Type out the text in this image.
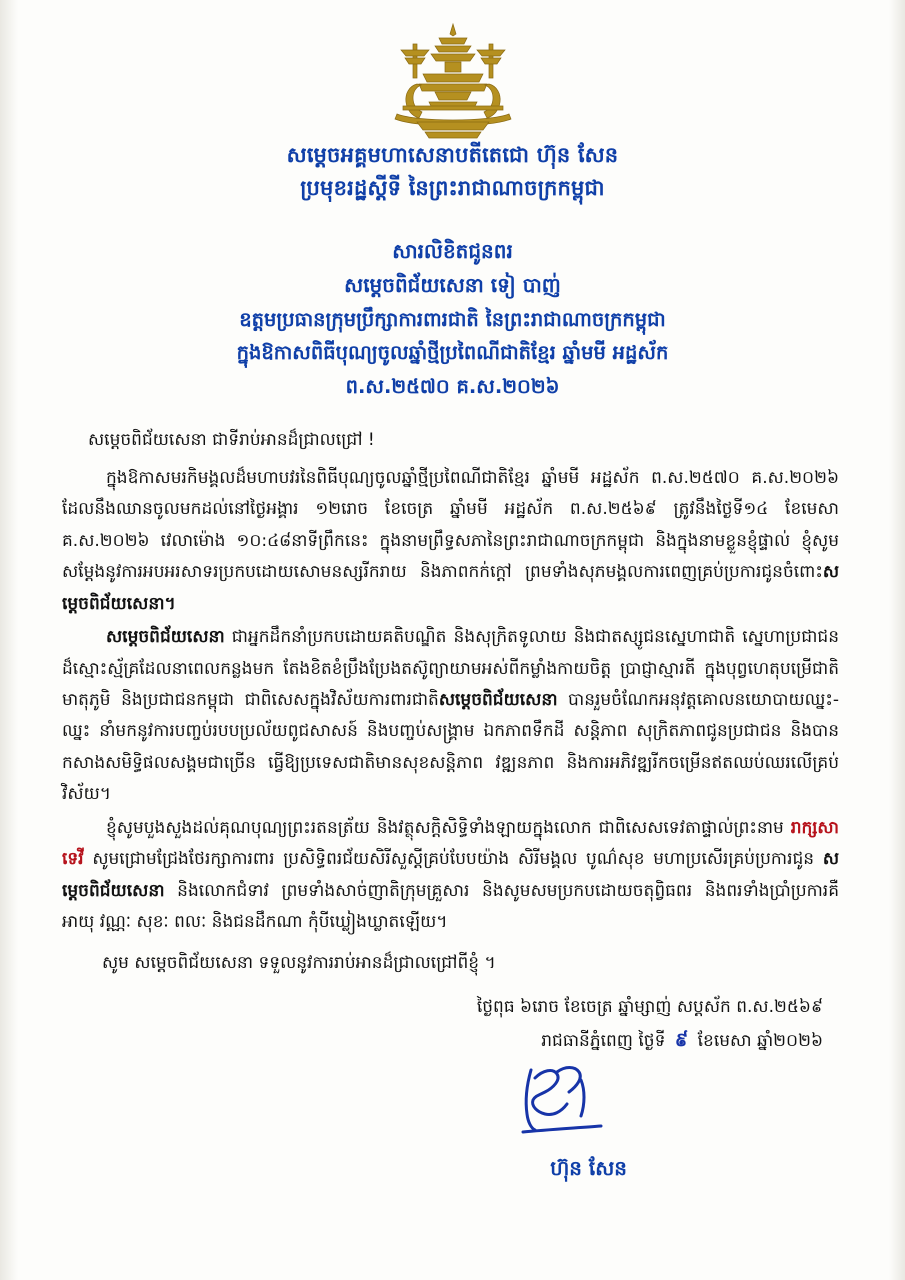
សម្តេចអគ្គមហាសេនាបតីតេជោ ហ៊ុន សែន
ប្រមុខរដ្ឋស្តីទី នៃព្រះរាជាណាចក្រកម្ពុជា
សារលិខិតជូនពរ
សម្តេចពិជ័យសេនា ទៀ បាញ់
ឧត្តមប្រធានក្រុមប្រឹក្សាការពារជាតិ នៃព្រះរាជាណាចក្រកម្ពុជា
ក្នុងឱកាសពិធីបុណ្យចូលឆ្នាំថ្មីប្រពៃណីជាតិខ្មែរ ឆ្នាំមមី អដ្ឋស័ក
ព.ស.២៥៧០ គ.ស.២០២៦

សម្តេចពិជ័យសេនា ជាទីរាប់អានដ៏ជ្រាលជ្រៅ !

ក្នុងឱកាសមរកិមង្គលដ៏មហាបវរនៃពិធីបុណ្យចូលឆ្នាំថ្មីប្រពៃណីជាតិខ្មែរ ឆ្នាំមមី អដ្ឋស័ក ព.ស.២៥៧០ គ.ស.២០២៦ ដែលនឹងឈានចូលមកដល់នៅថ្ងៃអង្គារ ១២រោច ខែចេត្រ ឆ្នាំមមី អដ្ឋស័ក ព.ស.២៥៦៩ ត្រូវនឹងថ្ងៃទី១៤ ខែមេសា គ.ស.២០២៦ វេលាម៉ោង ១០:៤៨នាទីព្រឹកនេះ ក្នុងនាមព្រឹទ្ធសភានៃព្រះរាជាណាចក្រកម្ពុជា និងក្នុងនាមខ្លួនខ្ញុំផ្ទាល់ ខ្ញុំសូមសម្តែងនូវការអបអរសាទរប្រកបដោយសោមនស្សរីករាយ និងភាពកក់ក្តៅ ព្រមទាំងសុភមង្គលការពេញគ្រប់ប្រការជូនចំពោះសម្តេចពិជ័យសេនា។

សម្តេចពិជ័យសេនា ជាអ្នកដឹកនាំប្រកបដោយគតិបណ្ឌិត និងសុក្រិតទូលាយ និងជាតស្សូជនស្នេហាជាតិ ស្នេហាប្រជាជនដ៏ស្មោះស្ម័គ្រដែលនាពេលកន្លងមក តែងខិតខំប្រឹងប្រែងតស៊ូព្យាយាមអស់ពីកម្លាំងកាយចិត្ត ប្រាជ្ញាស្មារតី ក្នុងបុព្វហេតុបម្រើជាតិមាតុភូមិ និងប្រជាជនកម្ពុជា ជាពិសេសក្នុងវិស័យការពារជាតិសម្តេចពិជ័យសេនា បានរួមចំណែកអនុវត្តគោលនយោបាយឈ្នះ-ឈ្នះ នាំមកនូវការបញ្ចប់របបប្រល័យពូជសាសន៍ និងបញ្ចប់សង្គ្រាម ឯកភាពទឹកដី សន្តិភាព សុក្រិតភាពជូនប្រជាជន និងបានកសាងសមិទ្ធិផលសង្គមជាច្រើន ធ្វើឱ្យប្រទេសជាតិមានសុខសន្តិភាព វឌ្ឍនភាព និងការអភិវឌ្ឍរីកចម្រើនឥតឈប់ឈរលើគ្រប់វិស័យ។

ខ្ញុំសូមបួងសួងដល់គុណបុណ្យព្រះរតនត្រ័យ និងវត្ថុសក្តិសិទ្ធិទាំងឡាយក្នុងលោក ជាពិសេសទេវតាផ្ទាល់ព្រះនាម រាក្សសាទេវី សូមជ្រោមជ្រែងថែរក្សាការពារ ប្រសិទ្ធិពរជ័យសិរីសួស្តីគ្រប់បែបយ៉ាង សិរីមង្គល បូណ៌សុខ មហាប្រសើរគ្រប់ប្រការជូន សម្តេចពិជ័យសេនា និងលោកជំទាវ ព្រមទាំងសាច់ញាតិក្រុមគ្រួសារ និងសូមសមប្រកបដោយចតុព្វិធពរ និងពរទាំងប្រាំប្រការគឺ អាយុ វណ្ណៈ សុខៈ ពលៈ និងជនដឹកណា កុំបីឃ្លៀងឃ្លាតឡើយ។

សូម សម្តេចពិជ័យសេនា ទទួលនូវការរាប់អានដ៏ជ្រាលជ្រៅពីខ្ញុំ ។

ថ្ងៃពុធ ៦រោច ខែចេត្រ ឆ្នាំម្សាញ់ សប្តស័ក ព.ស.២៥៦៩
រាជធានីភ្នំពេញ ថ្ងៃទី ៩ ខែមេសា ឆ្នាំ២០២៦
ហ៊ុន សែន
